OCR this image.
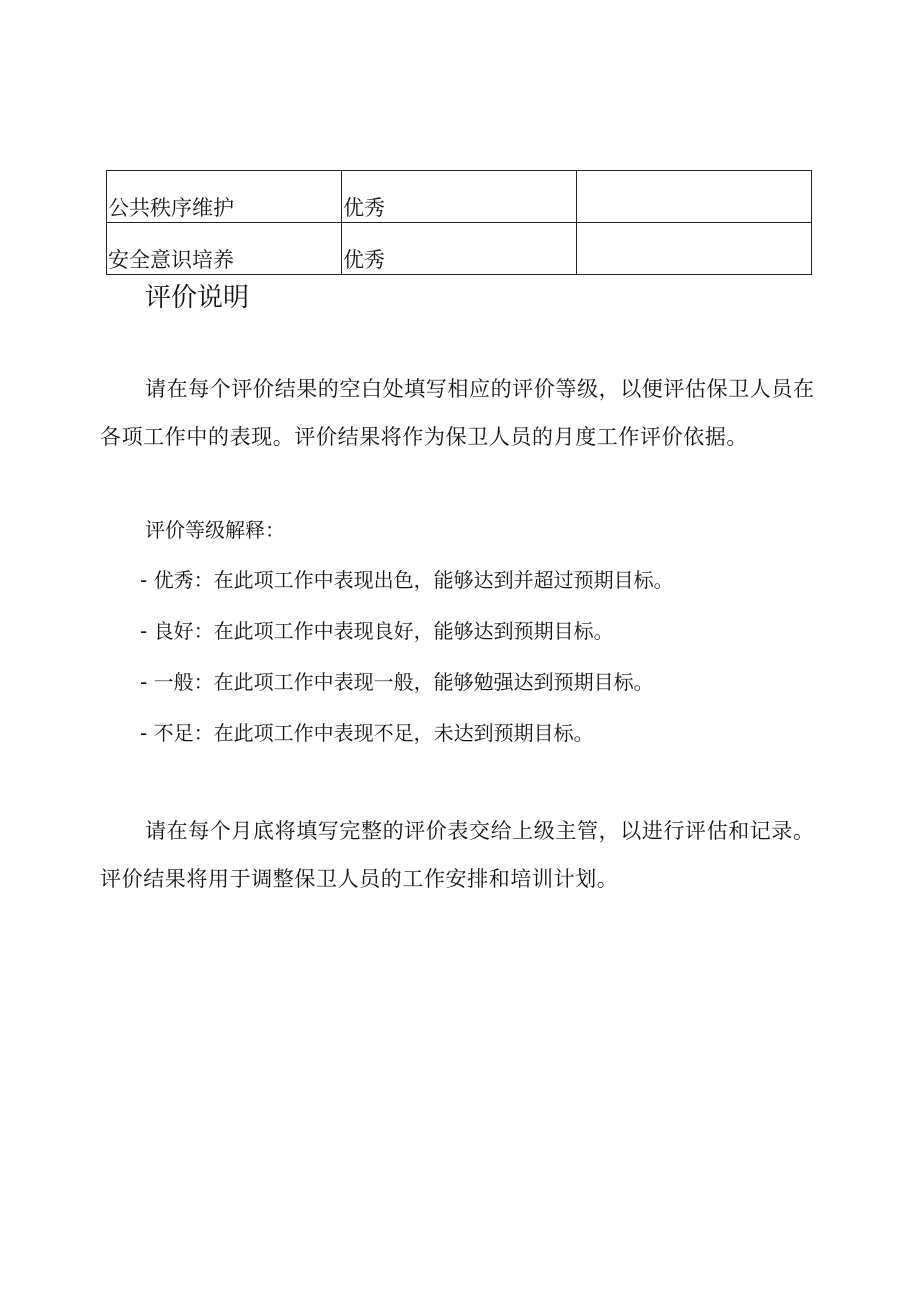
公共秩序维护	优秀	
安全意识培养	优秀	
评价说明

请在每个评价结果的空白处填写相应的评价等级，以便评估保卫人员在各项工作中的表现。评价结果将作为保卫人员的月度工作评价依据。

评价等级解释：

- 优秀：在此项工作中表现出色，能够达到并超过预期目标。
- 良好：在此项工作中表现良好，能够达到预期目标。
- 一般：在此项工作中表现一般，能够勉强达到预期目标。
- 不足：在此项工作中表现不足，未达到预期目标。

请在每个月底将填写完整的评价表交给上级主管，以进行评估和记录。评价结果将用于调整保卫人员的工作安排和培训计划。
